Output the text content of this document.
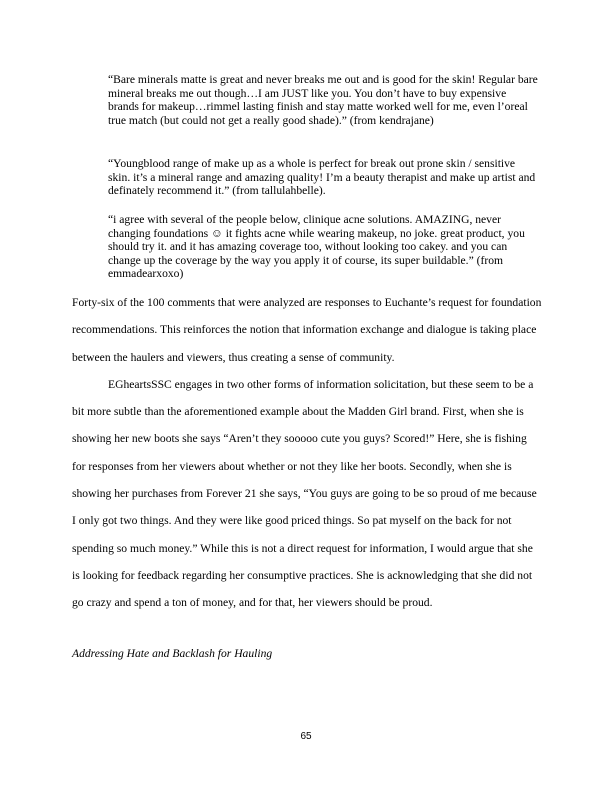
“Bare minerals matte is great and never breaks me out and is good for the skin! Regular bare mineral breaks me out though…I am JUST like you. You don’t have to buy expensive brands for makeup…rimmel lasting finish and stay matte worked well for me, even l’oreal true match (but could not get a really good shade).” (from kendrajane)

“Youngblood range of make up as a whole is perfect for break out prone skin / sensitive skin. it’s a mineral range and amazing quality! I’m a beauty therapist and make up artist and definately recommend it.” (from tallulahbelle).

“i agree with several of the people below, clinique acne solutions. AMAZING, never changing foundations ☺ it fights acne while wearing makeup, no joke. great product, you should try it. and it has amazing coverage too, without looking too cakey. and you can change up the coverage by the way you apply it of course, its super buildable.” (from emmadearxoxo)

Forty-six of the 100 comments that were analyzed are responses to Euchante’s request for foundation recommendations. This reinforces the notion that information exchange and dialogue is taking place between the haulers and viewers, thus creating a sense of community.

EGheartsSSC engages in two other forms of information solicitation, but these seem to be a bit more subtle than the aforementioned example about the Madden Girl brand. First, when she is showing her new boots she says “Aren’t they sooooo cute you guys? Scored!” Here, she is fishing for responses from her viewers about whether or not they like her boots. Secondly, when she is showing her purchases from Forever 21 she says, “You guys are going to be so proud of me because I only got two things. And they were like good priced things. So pat myself on the back for not spending so much money.” While this is not a direct request for information, I would argue that she is looking for feedback regarding her consumptive practices. She is acknowledging that she did not go crazy and spend a ton of money, and for that, her viewers should be proud.

Addressing Hate and Backlash for Hauling
65
